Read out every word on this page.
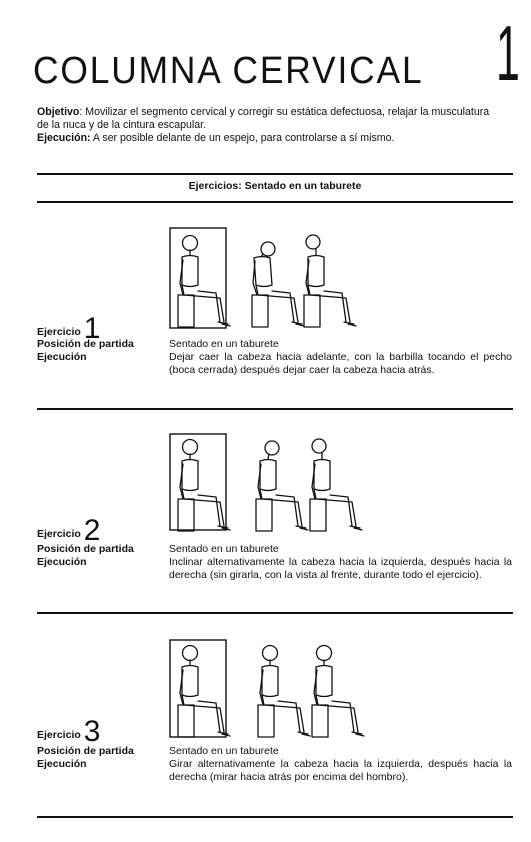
COLUMNA CERVICAL 1
Objetivo: Movilizar el segmento cervical y corregir su estática defectuosa, relajar la musculatura de la nuca y de la cintura escapular.
Ejecución: A ser posible delante de un espejo, para controlarse a sí mismo.
Ejercicios: Sentado en un taburete
Ejercicio 1
Posición de partida
Ejecución
Sentado en un taburete
Dejar caer la cabeza hacia adelante, con la barbilla tocando el pecho (boca cerrada) después dejar caer la cabeza hacia atrás.
Ejercicio 2
Posición de partida
Ejecución
Sentado en un taburete
Inclinar alternativamente la cabeza hacia la izquierda, después hacia la derecha (sin girarla, con la vista al frente, durante todo el ejercicio).
Ejercicio 3
Posición de partida
Ejecución
Sentado en un taburete
Girar alternativamente la cabeza hacia la izquierda, después hacia la derecha (mirar hacia atrás por encima del hombro).
